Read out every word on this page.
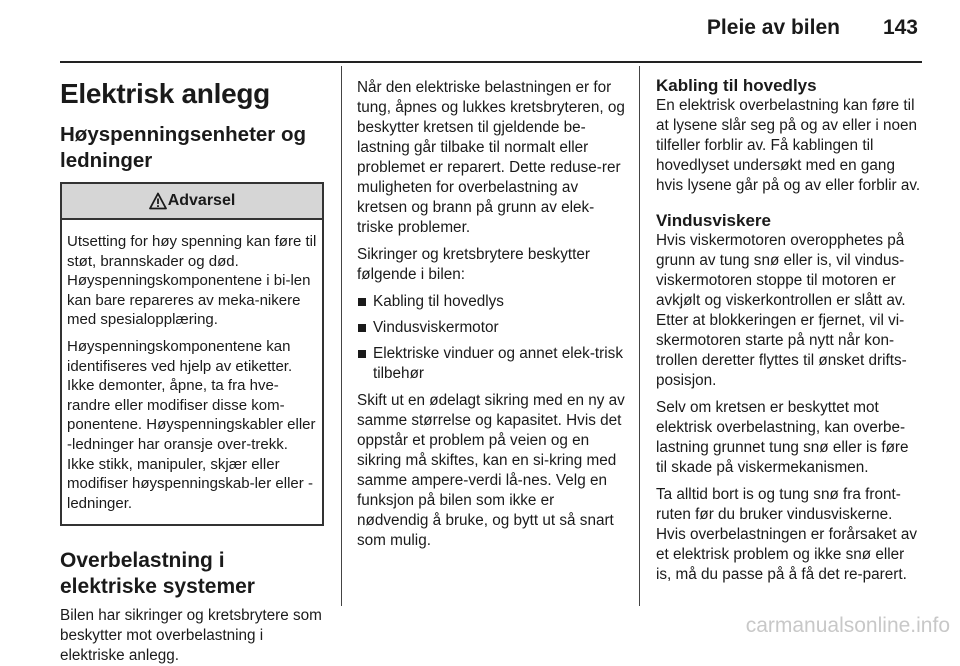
Pleie av bilen 143
Elektrisk anlegg
Høyspenningsenheter og ledninger
Advarsel

Utsetting for høy spenning kan føre til støt, brannskader og død. Høyspenningskomponentene i bi-len kan bare repareres av meka-nikere med spesialopplæring.

Høyspenningskomponentene kan identifiseres ved hjelp av etiketter. Ikke demonter, åpne, ta fra hve-randre eller modifiser disse kom-ponentene. Høyspenningskabler eller -ledninger har oransje over-trekk. Ikke stikk, manipuler, skjær eller modifiser høyspenningskab-ler eller -ledninger.

Overbelastning i elektriske systemer

Bilen har sikringer og kretsbrytere som beskytter mot overbelastning i elektriske anlegg.

Når den elektriske belastningen er for tung, åpnes og lukkes kretsbryteren, og beskytter kretsen til gjeldende be-lastning går tilbake til normalt eller problemet er reparert. Dette reduse-rer muligheten for overbelastning av kretsen og brann på grunn av elek-triske problemer.

Sikringer og kretsbrytere beskytter følgende i bilen:

Kabling til hovedlys
Vindusviskermotor
Elektriske vinduer og annet elek-trisk tilbehør

Skift ut en ødelagt sikring med en ny av samme størrelse og kapasitet. Hvis det oppstår et problem på veien og en sikring må skiftes, kan en si-kring med samme ampere-verdi lå-nes. Velg en funksjon på bilen som ikke er nødvendig å bruke, og bytt ut så snart som mulig.

Kabling til hovedlys

En elektrisk overbelastning kan føre til at lysene slår seg på og av eller i noen tilfeller forblir av. Få kablingen til hovedlyset undersøkt med en gang hvis lysene går på og av eller forblir av.

Vindusviskere

Hvis viskermotoren overopphetes på grunn av tung snø eller is, vil vindus-viskermotoren stoppe til motoren er avkjølt og viskerkontrollen er slått av. Etter at blokkeringen er fjernet, vil vi-skermotoren starte på nytt når kon-trollen deretter flyttes til ønsket drifts-posisjon.

Selv om kretsen er beskyttet mot elektrisk overbelastning, kan overbe-lastning grunnet tung snø eller is føre til skade på viskermekanismen.

Ta alltid bort is og tung snø fra front-ruten før du bruker vindusviskerne. Hvis overbelastningen er forårsaket av et elektrisk problem og ikke snø eller is, må du passe på å få det re-parert.

carmanualsonline.info
